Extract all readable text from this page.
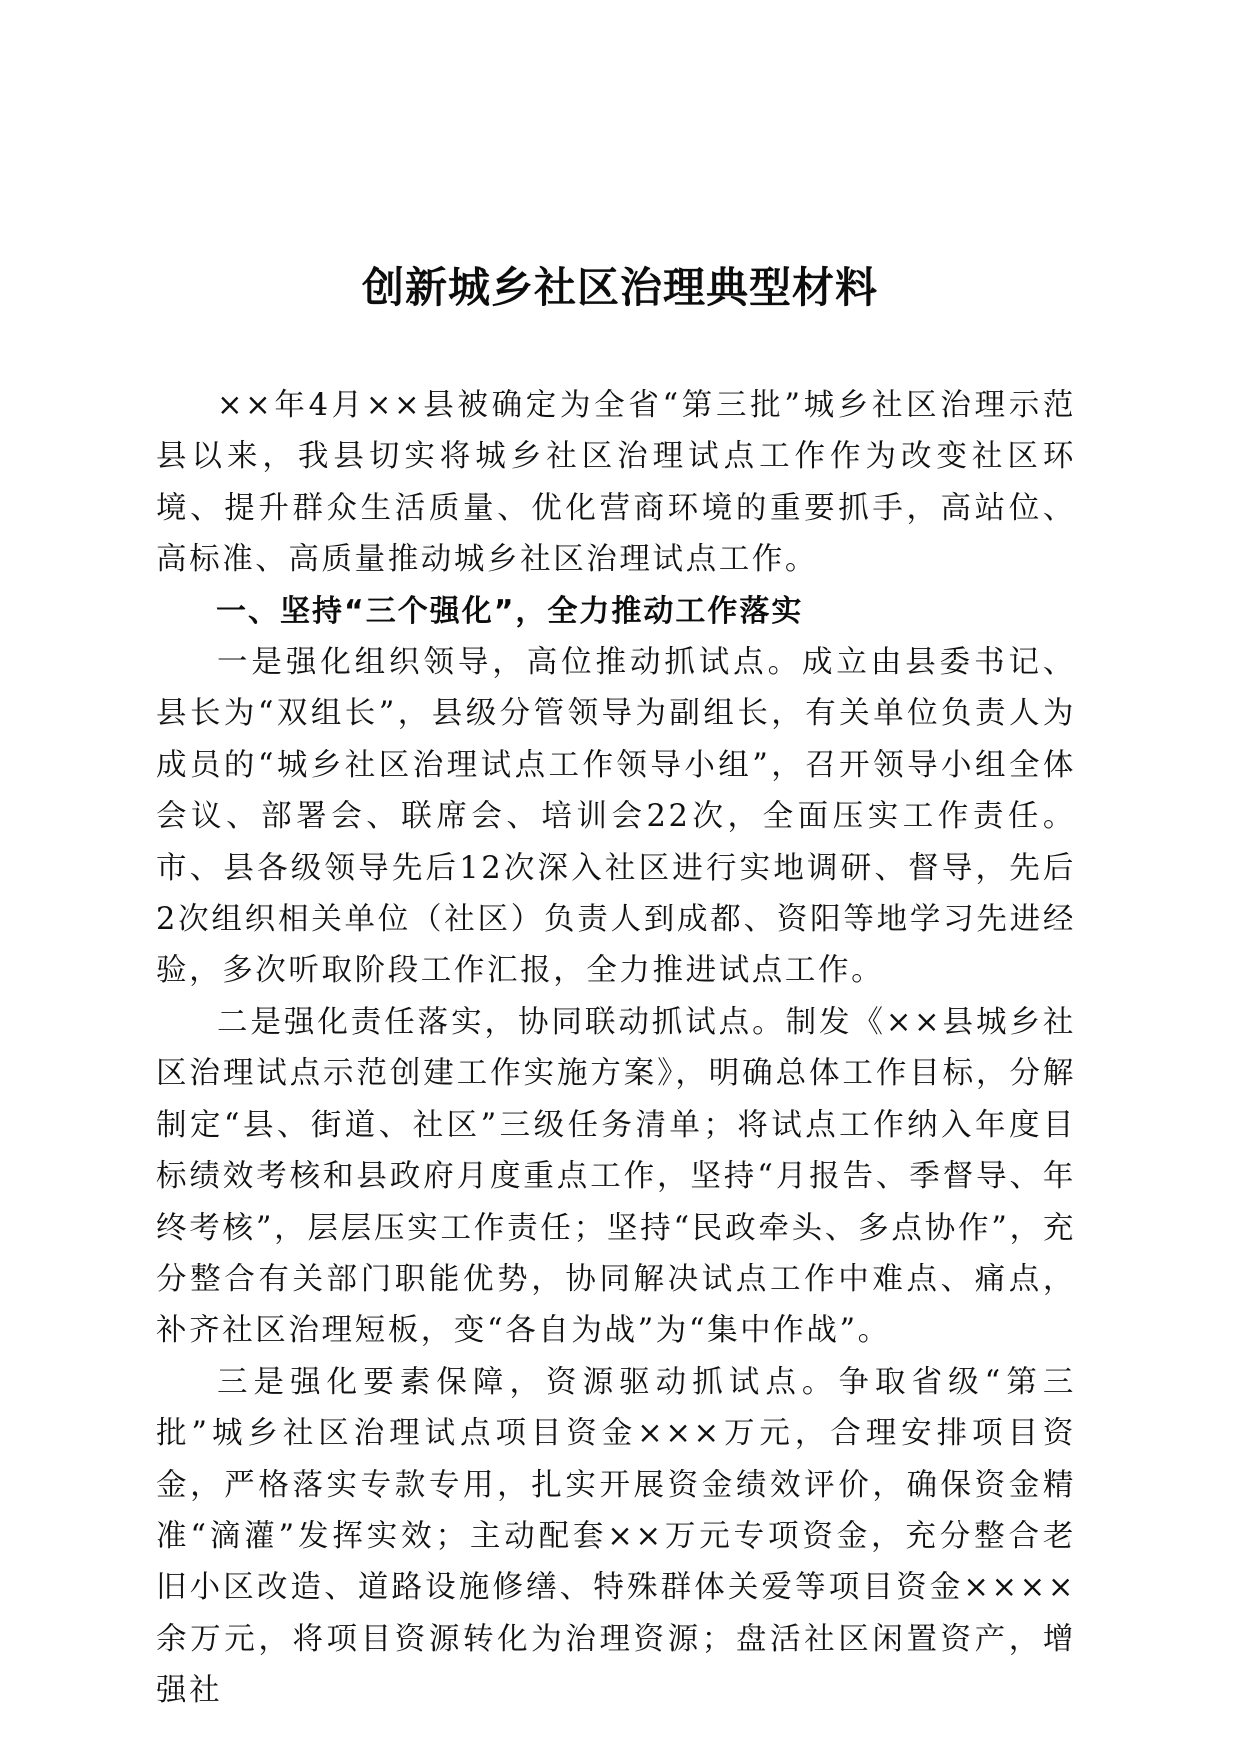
创新城乡社区治理典型材料

××年4月××县被确定为全省“第三批”城乡社区治理示范县以来，我县切实将城乡社区治理试点工作作为改变社区环境、提升群众生活质量、优化营商环境的重要抓手，高站位、高标准、高质量推动城乡社区治理试点工作。

一、坚持“三个强化”，全力推动工作落实

一是强化组织领导，高位推动抓试点。成立由县委书记、县长为“双组长”，县级分管领导为副组长，有关单位负责人为成员的“城乡社区治理试点工作领导小组”，召开领导小组全体会议、部署会、联席会、培训会22次，全面压实工作责任。市、县各级领导先后12次深入社区进行实地调研、督导，先后2次组织相关单位（社区）负责人到成都、资阳等地学习先进经验，多次听取阶段工作汇报，全力推进试点工作。

二是强化责任落实，协同联动抓试点。制发《××县城乡社区治理试点示范创建工作实施方案》，明确总体工作目标，分解制定“县、街道、社区”三级任务清单；将试点工作纳入年度目标绩效考核和县政府月度重点工作，坚持“月报告、季督导、年终考核”，层层压实工作责任；坚持“民政牵头、多点协作”，充分整合有关部门职能优势，协同解决试点工作中难点、痛点，补齐社区治理短板，变“各自为战”为“集中作战”。

三是强化要素保障，资源驱动抓试点。争取省级“第三批”城乡社区治理试点项目资金×××万元，合理安排项目资金，严格落实专款专用，扎实开展资金绩效评价，确保资金精准“滴灌”发挥实效；主动配套××万元专项资金，充分整合老旧小区改造、道路设施修缮、特殊群体关爱等项目资金××××余万元，将项目资源转化为治理资源；盘活社区闲置资产，增强社
